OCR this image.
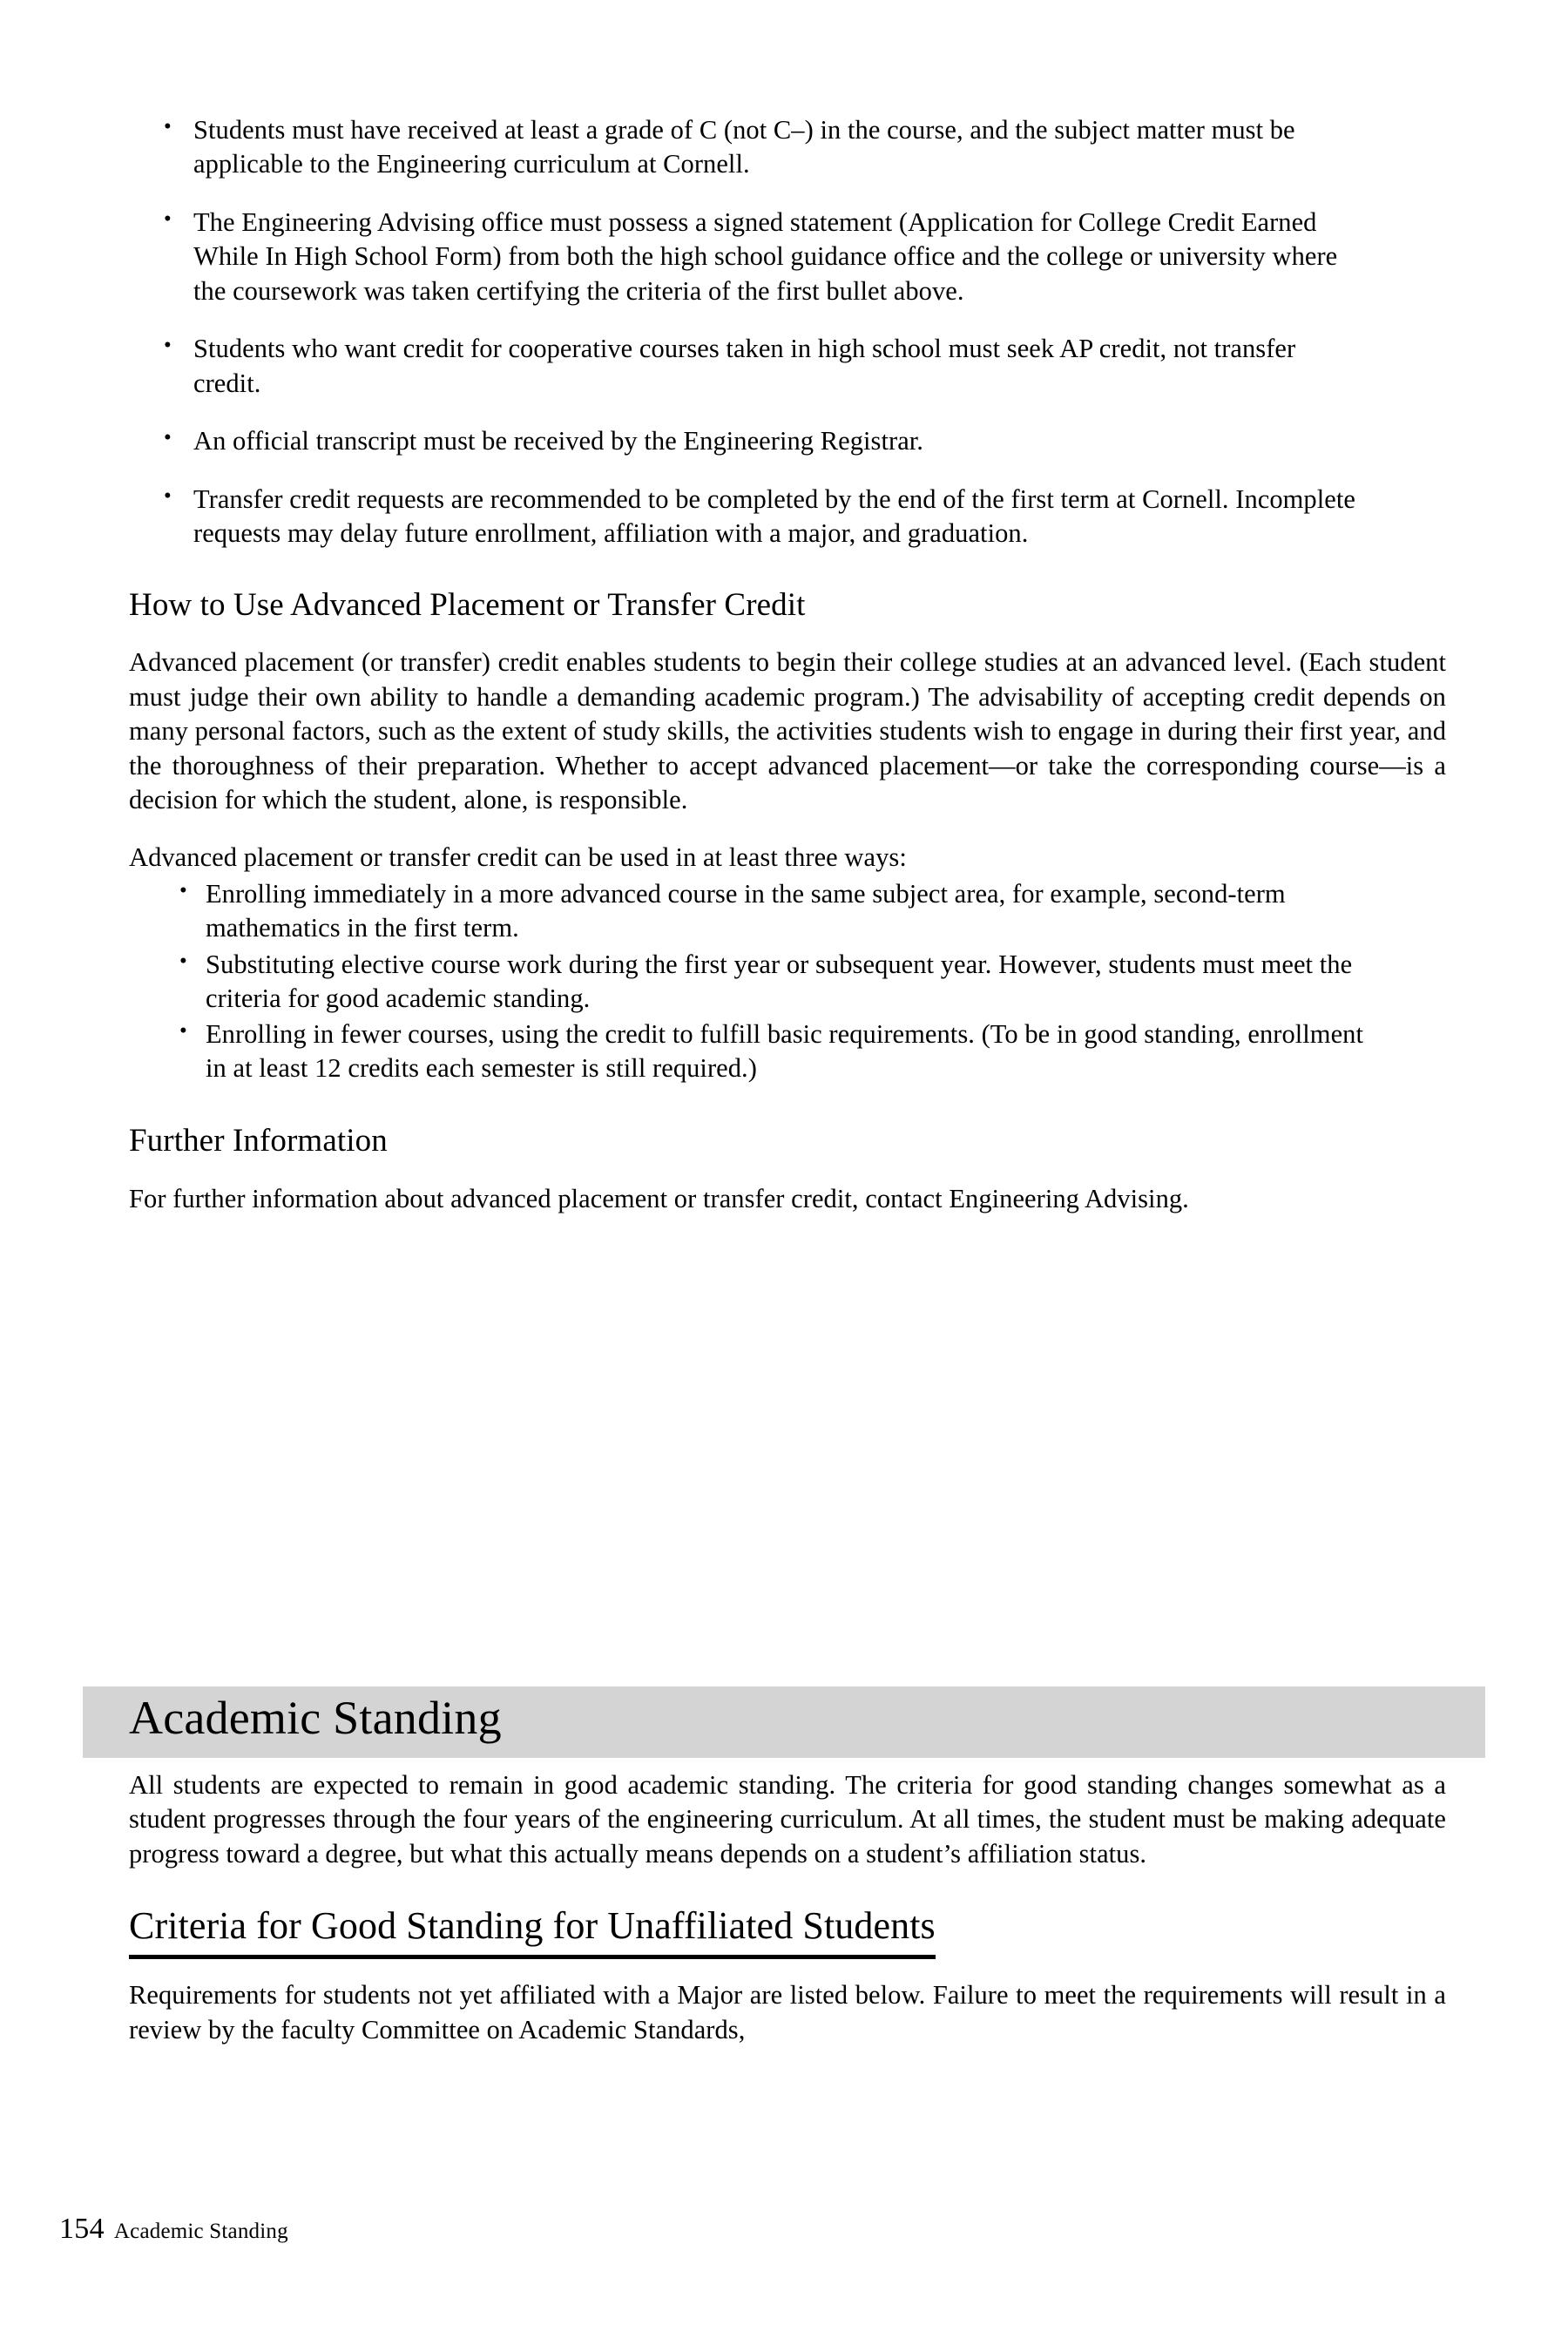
• Students must have received at least a grade of C (not C–) in the course, and the subject matter must be applicable to the Engineering curriculum at Cornell.
• The Engineering Advising office must possess a signed statement (Application for College Credit Earned While In High School Form) from both the high school guidance office and the college or university where the coursework was taken certifying the criteria of the first bullet above.
• Students who want credit for cooperative courses taken in high school must seek AP credit, not transfer credit.
• An official transcript must be received by the Engineering Registrar.
• Transfer credit requests are recommended to be completed by the end of the first term at Cornell. Incomplete requests may delay future enrollment, affiliation with a major, and graduation.
How to Use Advanced Placement or Transfer Credit

Advanced placement (or transfer) credit enables students to begin their college studies at an advanced level. (Each student must judge their own ability to handle a demanding academic program.) The advisability of accepting credit depends on many personal factors, such as the extent of study skills, the activities students wish to engage in during their first year, and the thoroughness of their preparation. Whether to accept advanced placement—or take the corresponding course—is a decision for which the student, alone, is responsible.

Advanced placement or transfer credit can be used in at least three ways:

• Enrolling immediately in a more advanced course in the same subject area, for example, second-term mathematics in the first term.
• Substituting elective course work during the first year or subsequent year. However, students must meet the criteria for good academic standing.
• Enrolling in fewer courses, using the credit to fulfill basic requirements. (To be in good standing, enrollment in at least 12 credits each semester is still required.)
Further Information

For further information about advanced placement or transfer credit, contact Engineering Advising.

Academic Standing

All students are expected to remain in good academic standing. The criteria for good standing changes somewhat as a student progresses through the four years of the engineering curriculum. At all times, the student must be making adequate progress toward a degree, but what this actually means depends on a student’s affiliation status.

Criteria for Good Standing for Unaffiliated Students

Requirements for students not yet affiliated with a Major are listed below. Failure to meet the requirements will result in a review by the faculty Committee on Academic Standards,

154 Academic Standing
